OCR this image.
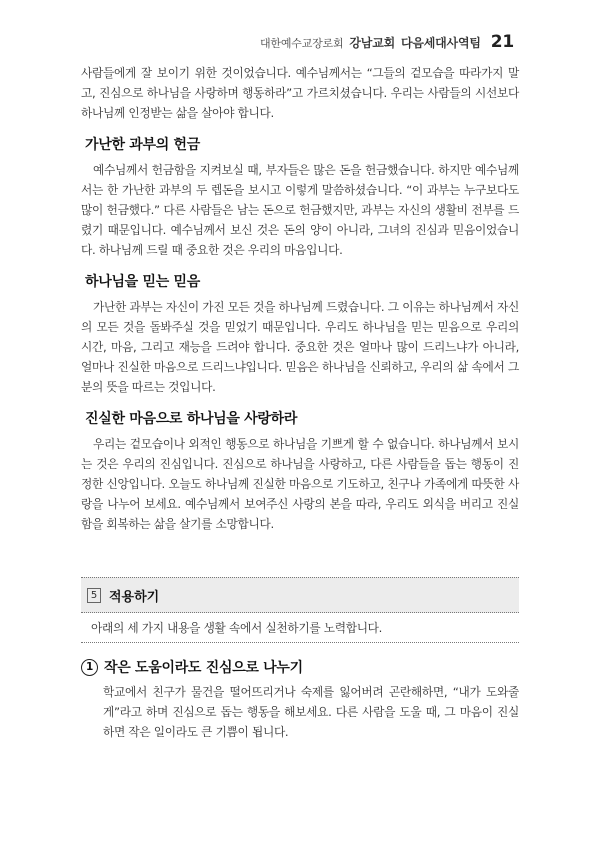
대한예수교장로회 강남교회 다음세대사역팀 21

사람들에게 잘 보이기 위한 것이었습니다. 예수님께서는 “그들의 겉모습을 따라가지 말고, 진심으로 하나님을 사랑하며 행동하라”고 가르치셨습니다. 우리는 사람들의 시선보다 하나님께 인정받는 삶을 살아야 합니다.

가난한 과부의 헌금

예수님께서 헌금함을 지켜보실 때, 부자들은 많은 돈을 헌금했습니다. 하지만 예수님께서는 한 가난한 과부의 두 렙돈을 보시고 이렇게 말씀하셨습니다. “이 과부는 누구보다도 많이 헌금했다.” 다른 사람들은 남는 돈으로 헌금했지만, 과부는 자신의 생활비 전부를 드렸기 때문입니다. 예수님께서 보신 것은 돈의 양이 아니라, 그녀의 진심과 믿음이었습니다. 하나님께 드릴 때 중요한 것은 우리의 마음입니다.

하나님을 믿는 믿음

가난한 과부는 자신이 가진 모든 것을 하나님께 드렸습니다. 그 이유는 하나님께서 자신의 모든 것을 돌봐주실 것을 믿었기 때문입니다. 우리도 하나님을 믿는 믿음으로 우리의 시간, 마음, 그리고 재능을 드려야 합니다. 중요한 것은 얼마나 많이 드리느냐가 아니라, 얼마나 진실한 마음으로 드리느냐입니다. 믿음은 하나님을 신뢰하고, 우리의 삶 속에서 그분의 뜻을 따르는 것입니다.

진실한 마음으로 하나님을 사랑하라

우리는 겉모습이나 외적인 행동으로 하나님을 기쁘게 할 수 없습니다. 하나님께서 보시는 것은 우리의 진심입니다. 진심으로 하나님을 사랑하고, 다른 사람들을 돕는 행동이 진정한 신앙입니다. 오늘도 하나님께 진실한 마음으로 기도하고, 친구나 가족에게 따뜻한 사랑을 나누어 보세요. 예수님께서 보여주신 사랑의 본을 따라, 우리도 외식을 버리고 진실함을 회복하는 삶을 살기를 소망합니다.

5 적용하기
아래의 세 가지 내용을 생활 속에서 실천하기를 노력합니다.
1 작은 도움이라도 진심으로 나누기

학교에서 친구가 물건을 떨어뜨리거나 숙제를 잃어버려 곤란해하면, “내가 도와줄게”라고 하며 진심으로 돕는 행동을 해보세요. 다른 사람을 도울 때, 그 마음이 진실하면 작은 일이라도 큰 기쁨이 됩니다.
